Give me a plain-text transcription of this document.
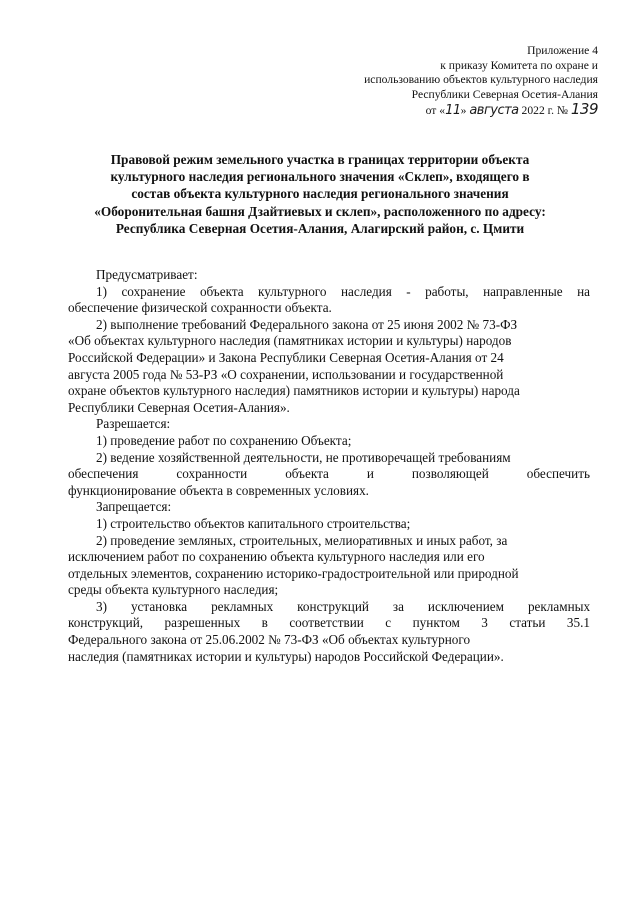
Приложение 4
к приказу Комитета по охране и
использованию объектов культурного наследия
Республики Северная Осетия-Алания
от «11» августа 2022 г. № 139
Правовой режим земельного участка в границах территории объекта
культурного наследия регионального значения «Склеп», входящего в
состав объекта культурного наследия регионального значения
«Оборонительная башня Дзайтиевых и склеп», расположенного по адресу:
Республика Северная Осетия-Алания, Алагирский район, с. Цмити
Предусматривает:
1) сохранение объекта культурного наследия - работы, направленные на
обеспечение физической сохранности объекта.
2) выполнение требований Федерального закона от 25 июня 2002 № 73-ФЗ
«Об объектах культурного наследия (памятниках истории и культуры) народов
Российской Федерации» и Закона Республики Северная Осетия-Алания от 24
августа 2005 года № 53-РЗ «О сохранении, использовании и государственной
охране объектов культурного наследия) памятников истории и культуры) народа
Республики Северная Осетия-Алания».
Разрешается:
1) проведение работ по сохранению Объекта;
2) ведение хозяйственной деятельности, не противоречащей требованиям
обеспечения сохранности объекта и позволяющей обеспечить
функционирование объекта в современных условиях.
Запрещается:
1) строительство объектов капитального строительства;
2) проведение земляных, строительных, мелиоративных и иных работ, за
исключением работ по сохранению объекта культурного наследия или его
отдельных элементов, сохранению историко-градостроительной или природной
среды объекта культурного наследия;
3) установка рекламных конструкций за исключением рекламных
конструкций, разрешенных в соответствии с пунктом 3 статьи 35.1
Федерального закона от 25.06.2002 № 73-ФЗ «Об объектах культурного
наследия (памятниках истории и культуры) народов Российской Федерации».
